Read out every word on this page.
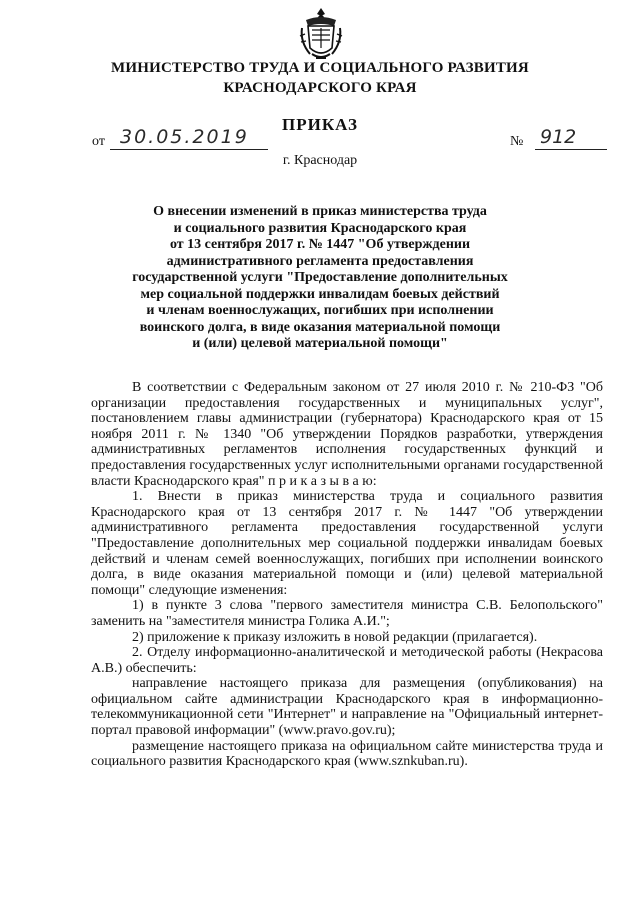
МИНИСТЕРСТВО ТРУДА И СОЦИАЛЬНОГО РАЗВИТИЯ
КРАСНОДАРСКОГО КРАЯ
ПРИКАЗ
от 30.05.2019	№ 912
г. Краснодар
О внесении изменений в приказ министерства труда
и социального развития Краснодарского края
от 13 сентября 2017 г. № 1447 "Об утверждении
административного регламента предоставления
государственной услуги "Предоставление дополнительных
мер социальной поддержки инвалидам боевых действий
и членам военнослужащих, погибших при исполнении
воинского долга, в виде оказания материальной помощи
и (или) целевой материальной помощи"

В соответствии с Федеральным законом от 27 июля 2010 г. № 210-ФЗ "Об организации предоставления государственных и муниципальных услуг", постановлением главы администрации (губернатора) Краснодарского края от 15 ноября 2011 г. № 1340 "Об утверждении Порядков разработки, утверждения административных регламентов исполнения государственных функций и предоставления государственных услуг исполнительными органами государственной власти Краснодарского края" п р и к а з ы в а ю:

1. Внести в приказ министерства труда и социального развития Краснодарского края от 13 сентября 2017 г. № 1447 "Об утверждении административного регламента предоставления государственной услуги "Предоставление дополнительных мер социальной поддержки инвалидам боевых действий и членам семей военнослужащих, погибших при исполнении воинского долга, в виде оказания материальной помощи и (или) целевой материальной помощи" следующие изменения:

1) в пункте 3 слова "первого заместителя министра С.В. Белопольского" заменить на "заместителя министра Голика А.И.";

2) приложение к приказу изложить в новой редакции (прилагается).

2. Отделу информационно-аналитической и методической работы (Некрасова А.В.) обеспечить:

направление настоящего приказа для размещения (опубликования) на официальном сайте администрации Краснодарского края в информационно-телекоммуникационной сети "Интернет" и направление на "Официальный интернет-портал правовой информации" (www.pravo.gov.ru);

размещение настоящего приказа на официальном сайте министерства труда и социального развития Краснодарского края (www.sznkuban.ru).
